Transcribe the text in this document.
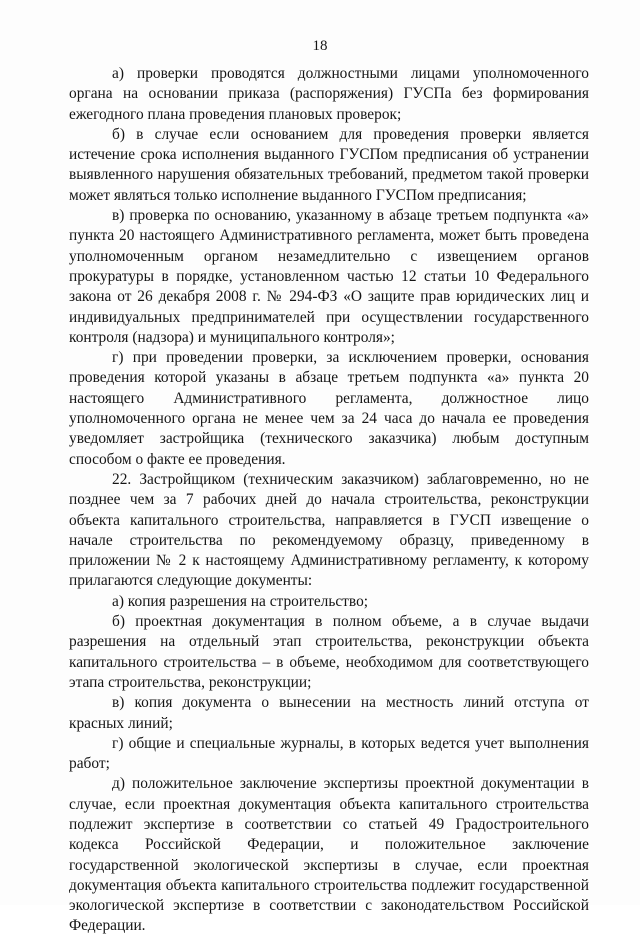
18

а) проверки проводятся должностными лицами уполномоченного органа на основании приказа (распоряжения) ГУСПа без формирования ежегодного плана проведения плановых проверок;

б) в случае если основанием для проведения проверки является истечение срока исполнения выданного ГУСПом предписания об устранении выявленного нарушения обязательных требований, предметом такой проверки может являться только исполнение выданного ГУСПом предписания;

в) проверка по основанию, указанному в абзаце третьем подпункта «а» пункта 20 настоящего Административного регламента, может быть проведена уполномоченным органом незамедлительно с извещением органов прокуратуры в порядке, установленном частью 12 статьи 10 Федерального закона от 26 декабря 2008 г. № 294-ФЗ «О защите прав юридических лиц и индивидуальных предпринимателей при осуществлении государственного контроля (надзора) и муниципального контроля»;

г) при проведении проверки, за исключением проверки, основания проведения которой указаны в абзаце третьем подпункта «а» пункта 20 настоящего Административного регламента, должностное лицо уполномоченного органа не менее чем за 24 часа до начала ее проведения уведомляет застройщика (технического заказчика) любым доступным способом о факте ее проведения.

22. Застройщиком (техническим заказчиком) заблаговременно, но не позднее чем за 7 рабочих дней до начала строительства, реконструкции объекта капитального строительства, направляется в ГУСП извещение о начале строительства по рекомендуемому образцу, приведенному в приложении № 2 к настоящему Административному регламенту, к которому прилагаются следующие документы:

а) копия разрешения на строительство;

б) проектная документация в полном объеме, а в случае выдачи разрешения на отдельный этап строительства, реконструкции объекта капитального строительства – в объеме, необходимом для соответствующего этапа строительства, реконструкции;

в) копия документа о вынесении на местность линий отступа от красных линий;

г) общие и специальные журналы, в которых ведется учет выполнения работ;

д) положительное заключение экспертизы проектной документации в случае, если проектная документация объекта капитального строительства подлежит экспертизе в соответствии со статьей 49 Градостроительного кодекса Российской Федерации, и положительное заключение государственной экологической экспертизы в случае, если проектная документация объекта капитального строительства подлежит государственной экологической экспертизе в соответствии с законодательством Российской Федерации.
